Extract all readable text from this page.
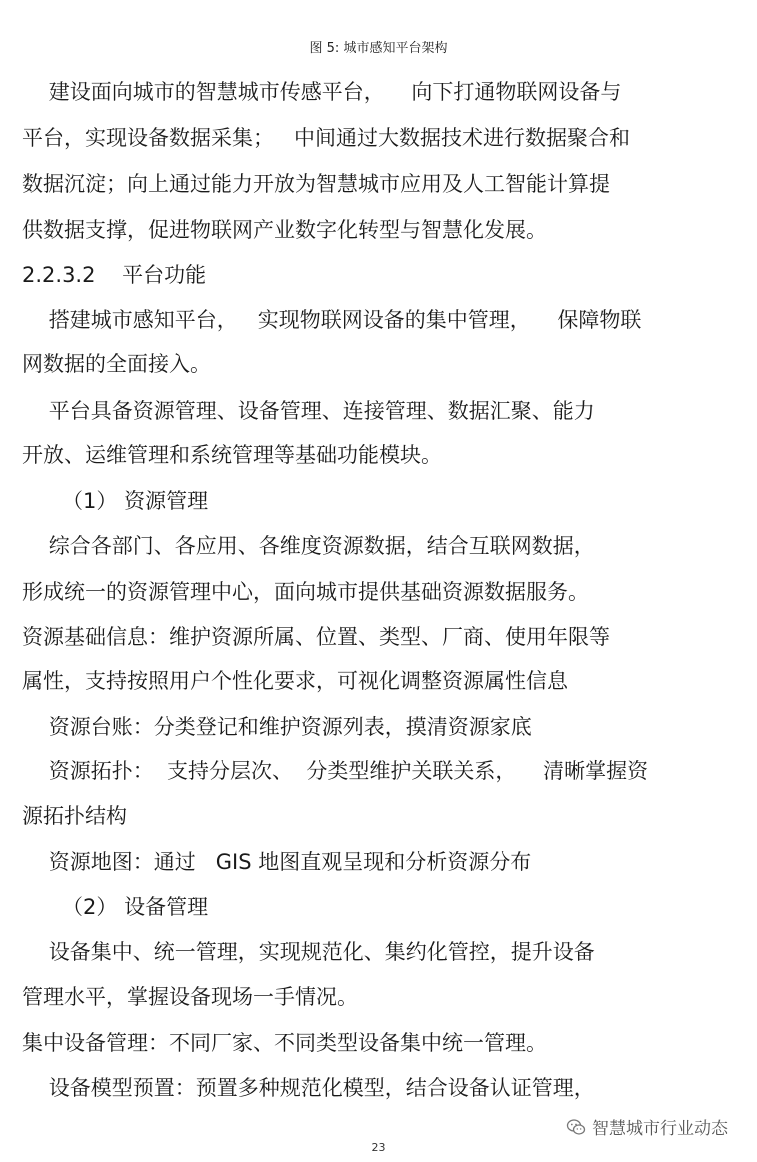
图 5: 城市感知平台架构
建设面向城市的智慧城市传感平台，    向下打通物联网设备与
平台，实现设备数据采集；   中间通过大数据技术进行数据聚合和
数据沉淀；向上通过能力开放为智慧城市应用及人工智能计算提
供数据支撑，促进物联网产业数字化转型与智慧化发展。
2.2.3.2    平台功能
搭建城市感知平台，   实现物联网设备的集中管理，    保障物联
网数据的全面接入。
平台具备资源管理、设备管理、连接管理、数据汇聚、能力
开放、运维管理和系统管理等基础功能模块。
（1） 资源管理
综合各部门、各应用、各维度资源数据，结合互联网数据，
形成统一的资源管理中心，面向城市提供基础资源数据服务。
资源基础信息：维护资源所属、位置、类型、厂商、使用年限等
属性，支持按照用户个性化要求，可视化调整资源属性信息
资源台账：分类登记和维护资源列表，摸清资源家底
资源拓扑：  支持分层次、  分类型维护关联关系，    清晰掌握资
源拓扑结构
资源地图：通过   GIS 地图直观呈现和分析资源分布
（2） 设备管理
设备集中、统一管理，实现规范化、集约化管控，提升设备
管理水平，掌握设备现场一手情况。
集中设备管理：不同厂家、不同类型设备集中统一管理。
设备模型预置：预置多种规范化模型，结合设备认证管理，
智慧城市行业动态
23
